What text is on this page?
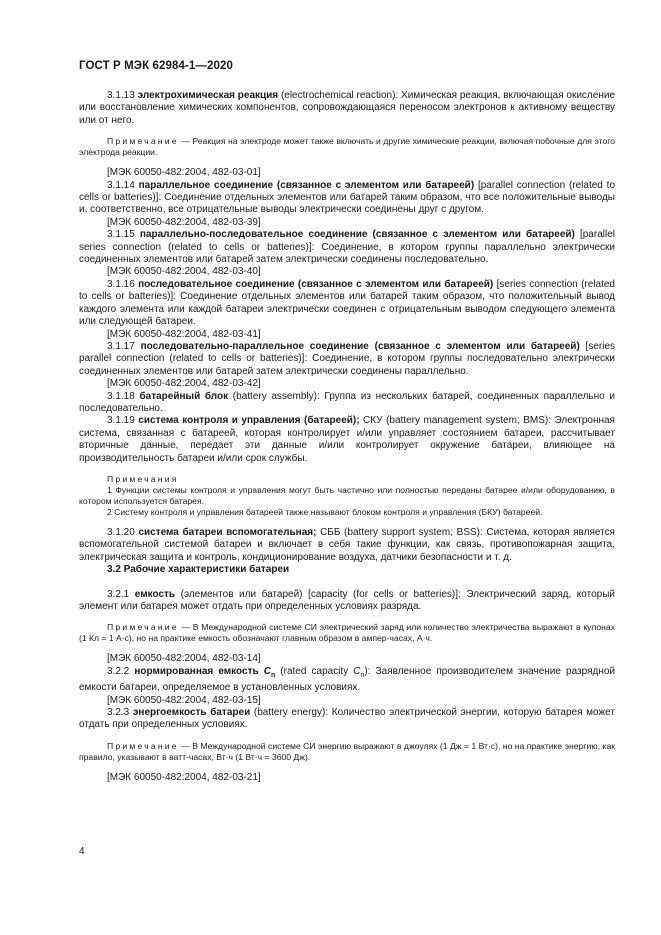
ГОСТ Р МЭК 62984-1—2020

3.1.13 электрохимическая реакция (electrochemical reaction): Химическая реакция, включающая окисление или восстановление химических компонентов, сопровождающаяся переносом электронов к активному веществу или от него.

Примечание — Реакция на электроде может также включать и другие химические реакции, включая побочные для этого электрода реакции.

[МЭК 60050-482:2004, 482-03-01]

3.1.14 параллельное соединение (связанное с элементом или батареей) [parallel connection (related to cells or batteries)]: Соединение отдельных элементов или батарей таким образом, что все положительные выводы и, соответственно, все отрицательные выводы электрически соединены друг с другом.

[МЭК 60050-482:2004, 482-03-39]

3.1.15 параллельно-последовательное соединение (связанное с элементом или батареей) [parallel series connection (related to cells or batteries)]: Соединение, в котором группы параллельно электрически соединенных элементов или батарей затем электрически соединены последовательно.

[МЭК 60050-482:2004, 482-03-40]

3.1.16 последовательное соединение (связанное с элементом или батареей) [series connection (related to cells or batteries)]: Соединение отдельных элементов или батарей таким образом, что положительный вывод каждого элемента или каждой батареи электрически соединен с отрицательным выводом следующего элемента или следующей батареи.

[МЭК 60050-482:2004, 482-03-41]

3.1.17 последовательно-параллельное соединение (связанное с элементом или батареей) [series parallel connection (related to cells or batteries)]: Соединение, в котором группы последовательно электрически соединенных элементов или батарей затем электрически соединены параллельно.

[МЭК 60050-482:2004, 482-03-42]

3.1.18 батарейный блок (battery assembly): Группа из нескольких батарей, соединенных параллельно и последовательно.

3.1.19 система контроля и управления (батареей); СКУ (battery management system; BMS): Электронная система, связанная с батареей, которая контролирует и/или управляет состоянием батареи, рассчитывает вторичные данные, передает эти данные и/или контролирует окружение батареи, влияющее на производительность батареи и/или срок службы.

Примечания

1 Функции системы контроля и управления могут быть частично или полностью переданы батарее и/или оборудованию, в котором используется батарея.

2 Систему контроля и управления батареей также называют блоком контроля и управления (БКУ) батареей.

3.1.20 система батареи вспомогательная; СББ (battery support system; BSS): Система, которая является вспомогательной системой батареи и включает в себя такие функции, как связь, противопожарная защита, электрическая защита и контроль, кондиционирование воздуха, датчики безопасности и т. д.

3.2 Рабочие характеристики батареи

3.2.1 емкость (элементов или батарей) [capacity (for cells or batteries)]: Электрический заряд, который элемент или батарея может отдать при определенных условиях разряда.

Примечание — В Международной системе СИ электрический заряд или количество электричества выражают в кулонах (1 Кл = 1 А·с), но на практике емкость обозначают главным образом в ампер-часах, А·ч.

[МЭК 60050-482:2004, 482-03-14]

3.2.2 нормированная емкость $C_n$ (rated capacity $C_n$): Заявленное производителем значение разрядной емкости батареи, определяемое в установленных условиях.

[МЭК 60050-482:2004, 482-03-15]

3.2.3 энергоемкость батареи (battery energy): Количество электрической энергии, которую батарея может отдать при определенных условиях.

Примечание — В Международной системе СИ энергию выражают в джоулях (1 Дж = 1 Вт·с), но на практике энергию, как правило, указывают в ватт-часах, Вт·ч (1 Вт·ч = 3600 Дж).

[МЭК 60050-482:2004, 482-03-21]

4
